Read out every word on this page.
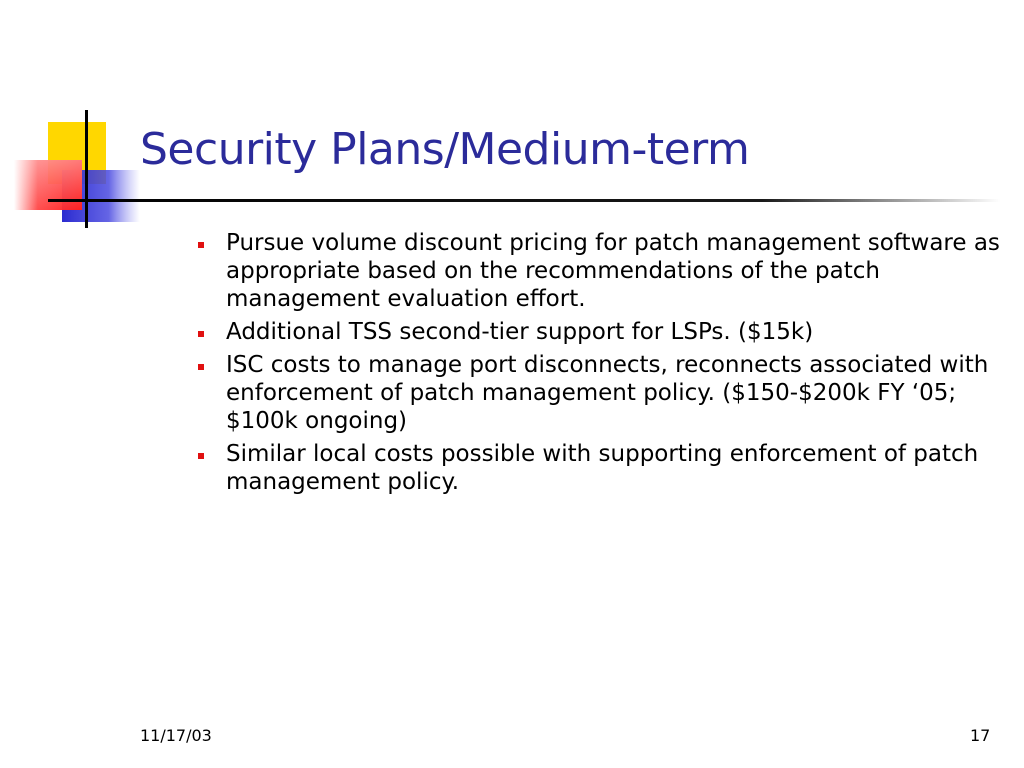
Security Plans/Medium-term
Pursue volume discount pricing for patch management software as appropriate based on the recommendations of the patch management evaluation effort.
Additional TSS second-tier support for LSPs. ($15k)
ISC costs to manage port disconnects, reconnects associated with enforcement of patch management policy. ($150-$200k FY ‘05; $100k ongoing)
Similar local costs possible with supporting enforcement of patch management policy.
11/17/03	17
